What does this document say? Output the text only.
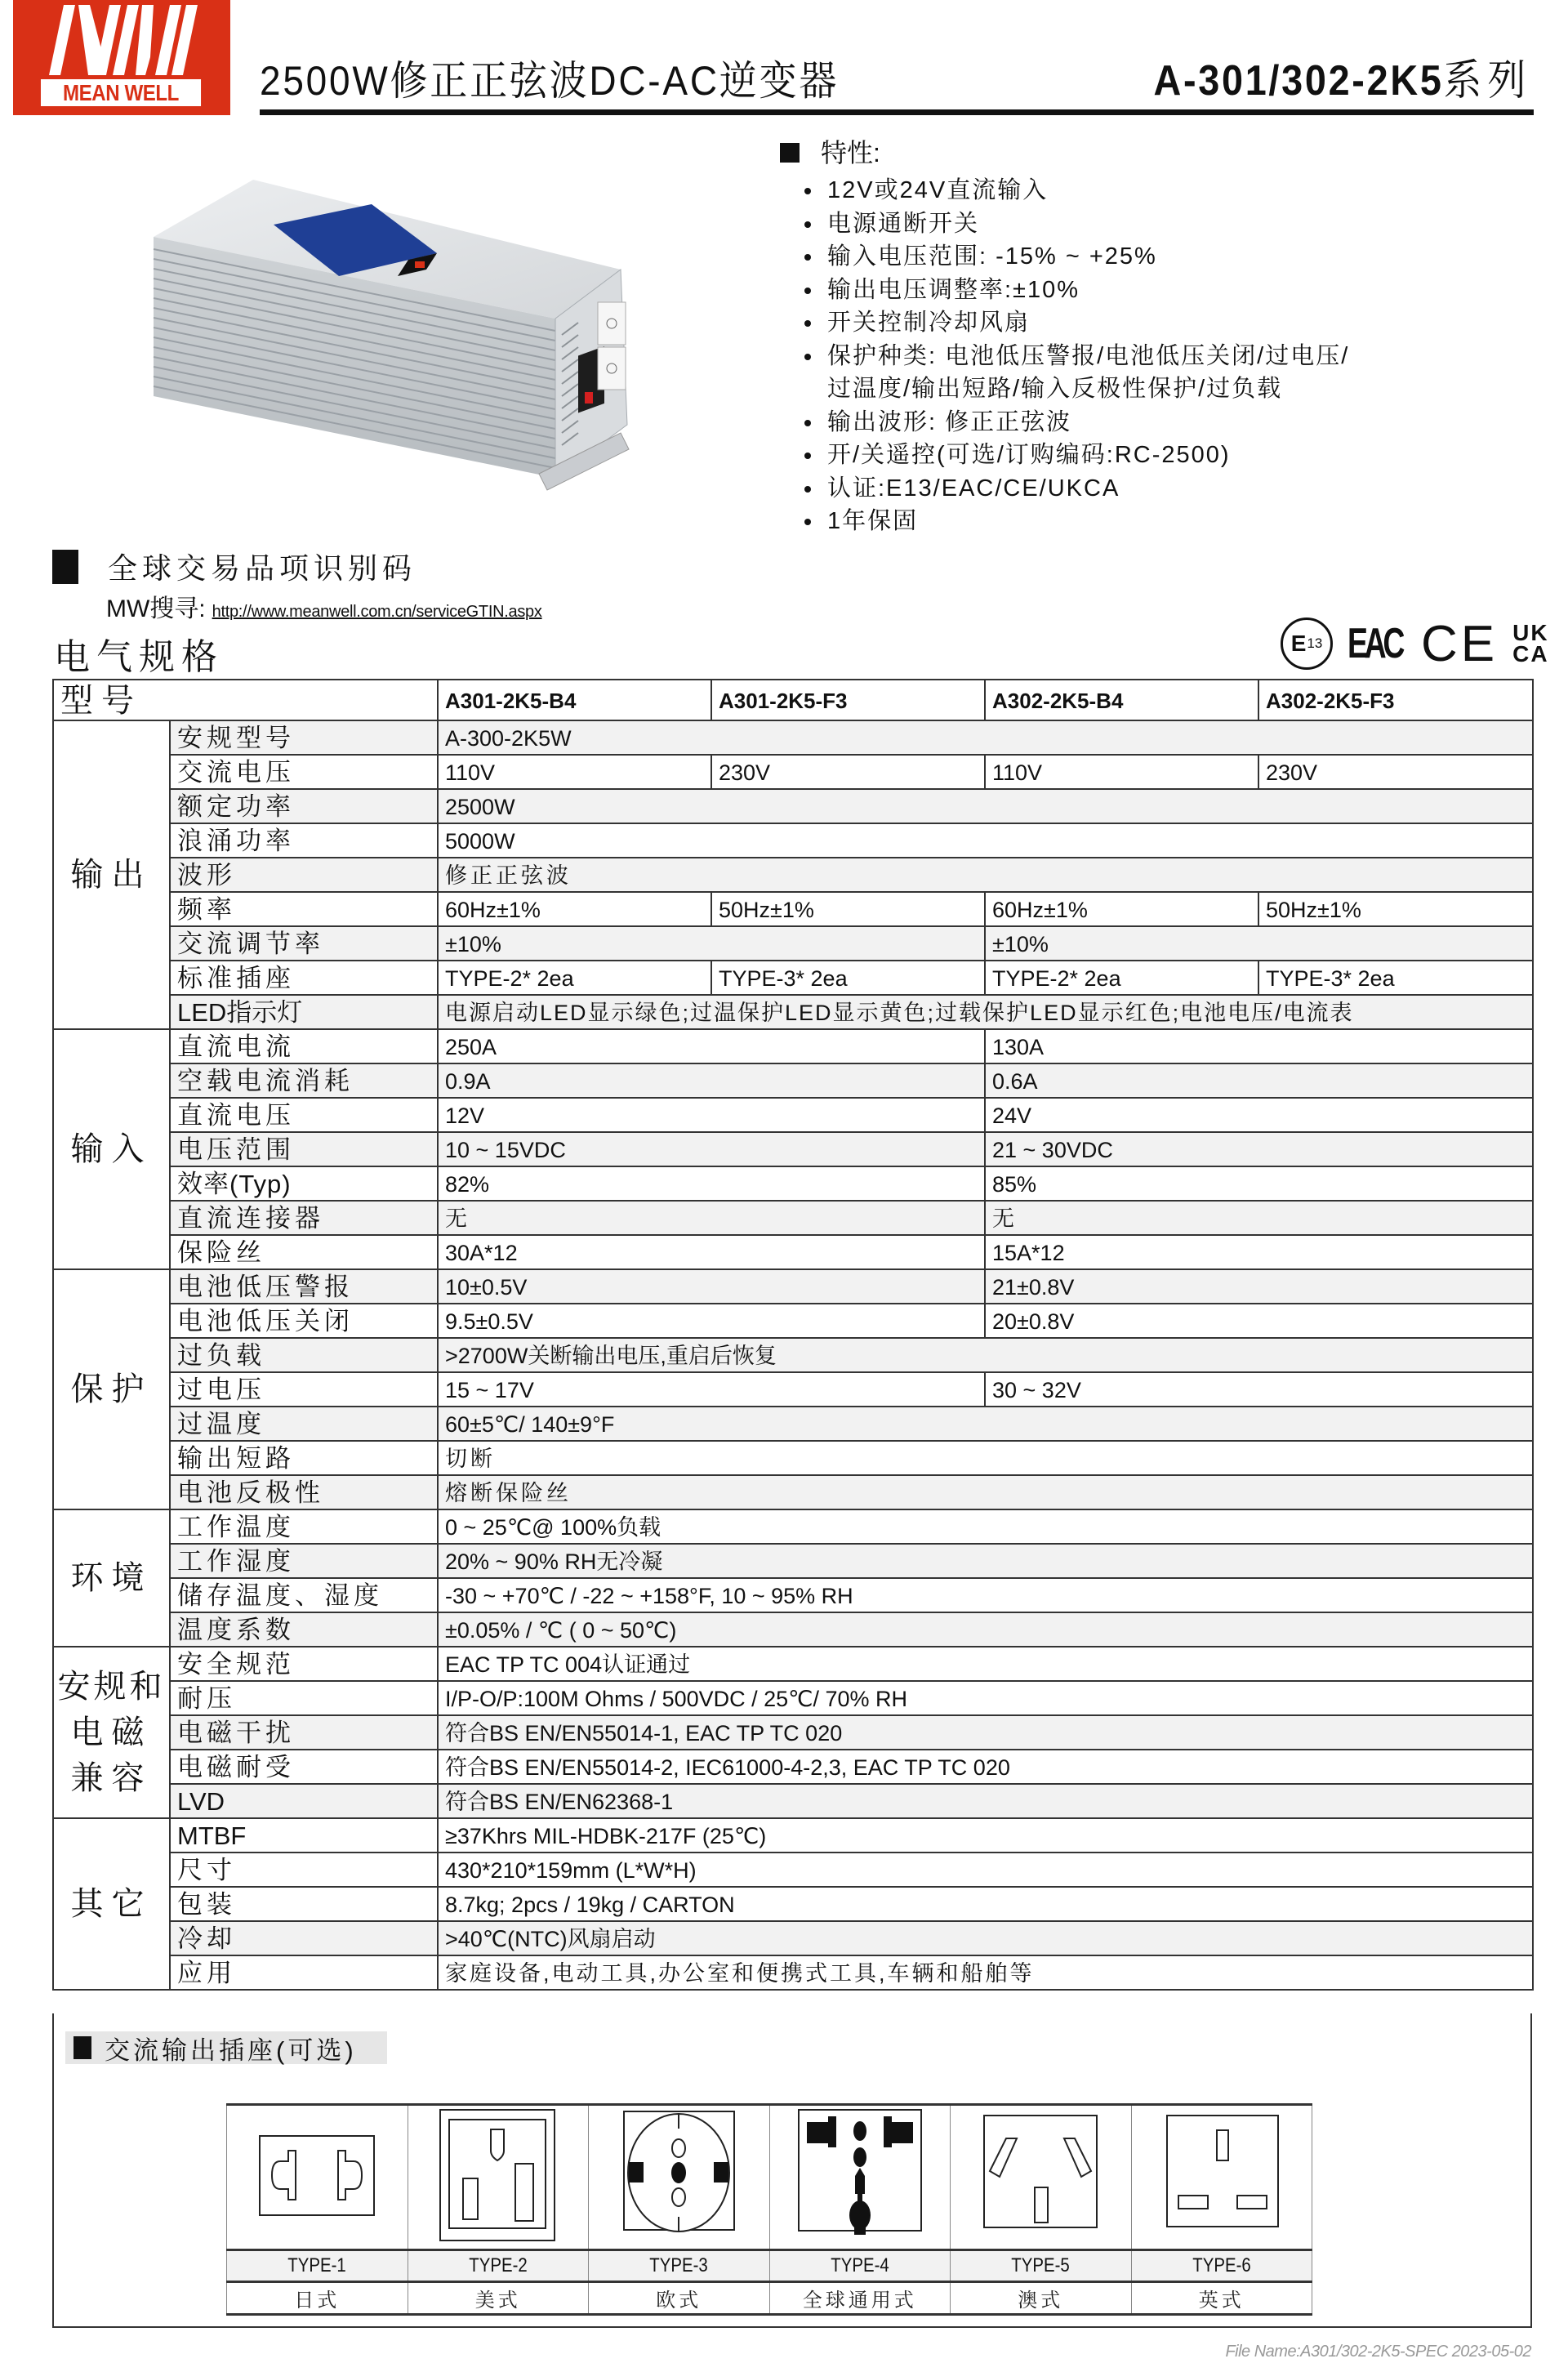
MEAN WELL	2500W修正正弦波DC-AC逆变器	A-301/302-2K5系列
特性:
12V或24V直流输入
电源通断开关
输入电压范围: -15% ~ +25%
输出电压调整率:±10%
开关控制冷却风扇
保护种类: 电池低压警报/电池低压关闭/过电压/
过温度/输出短路/输入反极性保护/过负载
输出波形: 修正正弦波
开/关遥控(可选/订购编码:RC-2500)
认证:E13/EAC/CE/UKCA
1年保固
全球交易品项识别码
MW搜寻: http://www.meanwell.com.cn/serviceGTIN.aspx
电气规格	E 13 EAC CE UK
CA
型号		A301-2K5-B4	A301-2K5-F3	A302-2K5-B4	A302-2K5-F3
输出	安规型号	A-300-2K5W			
	交流电压	110V	230V	110V	230V
	额定功率	2500W			
	浪涌功率	5000W			
	波形	修正正弦波			
	频率	60Hz±1%	50Hz±1%	60Hz±1%	50Hz±1%
	交流调节率	±10%		±10%	
	标准插座	TYPE-2* 2ea	TYPE-3* 2ea	TYPE-2* 2ea	TYPE-3* 2ea
	LED指示灯	电源启动LED显示绿色;过温保护LED显示黄色;过载保护LED显示红色;电池电压/电流表			
输入	直流电流	250A		130A	
	空载电流消耗	0.9A		0.6A	
	直流电压	12V		24V	
	电压范围	10 ~ 15VDC		21 ~ 30VDC	
	效率(Typ)	82%		85%	
	直流连接器	无		无	
	保险丝	30A*12		15A*12	
保护	电池低压警报	10±0.5V		21±0.8V	
	电池低压关闭	9.5±0.5V		20±0.8V	
	过负载	>2700W关断输出电压,重启后恢复			
	过电压	15 ~ 17V		30 ~ 32V	
	过温度	60±5℃/ 140±9°F			
	输出短路	切断			
	电池反极性	熔断保险丝			
环境	工作温度	0 ~ 25℃@ 100%负载			
	工作湿度	20% ~ 90% RH无冷凝			
	储存温度、湿度	-30 ~ +70℃ / -22 ~ +158°F, 10 ~ 95% RH			
	温度系数	±0.05% / ℃ ( 0 ~ 50℃)			

安规和
电磁
兼容	安全规范	EAC TP TC 004认证通过			
	耐压	I/P-O/P:100M Ohms / 500VDC / 25℃/ 70% RH			
	电磁干扰	符合BS EN/EN55014-1, EAC TP TC 020			
	电磁耐受	符合BS EN/EN55014-2, IEC61000-4-2,3, EAC TP TC 020			
	LVD	符合BS EN/EN62368-1			
其它	MTBF	≥37Khrs MIL-HDBK-217F (25℃)			
	尺寸	430*210*159mm (L*W*H)			
	包装	8.7kg; 2pcs / 19kg / CARTON			
	冷却	>40℃(NTC)风扇启动			
	应用	家庭设备,电动工具,办公室和便携式工具,车辆和船舶等			
交流输出插座(可选)

TYPE-1	TYPE-2	TYPE-3	TYPE-4	TYPE-5	TYPE-6
日式	美式	欧式	全球通用式	澳式	英式
File Name:A301/302-2K5-SPEC 2023-05-02
